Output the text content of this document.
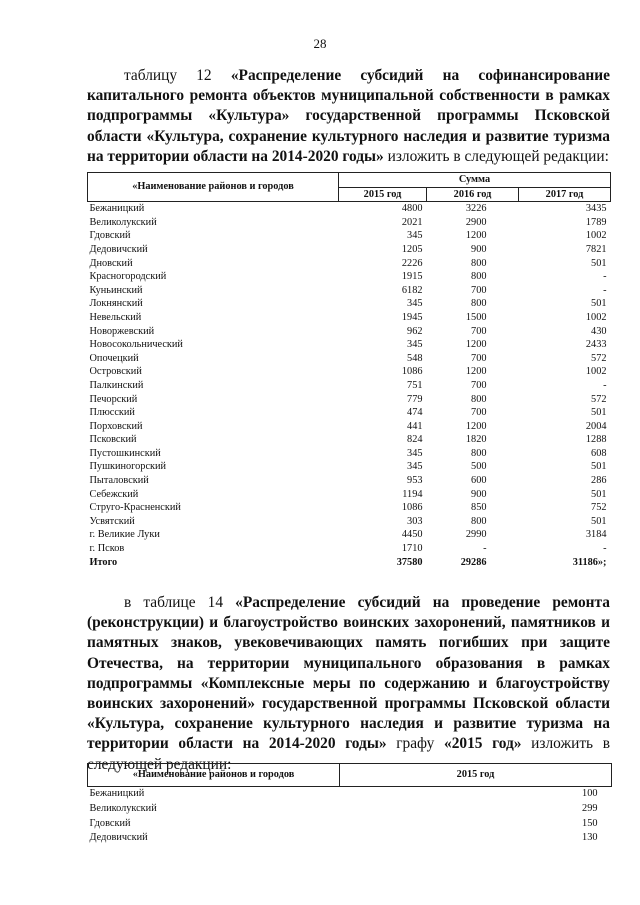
28
таблицу 12 «Распределение субсидий на софинансирование капитального ремонта объектов муниципальной собственности в рамках подпрограммы «Культура» государственной программы Псковской области «Культура, сохранение культурного наследия и развитие туризма на территории области на 2014-2020 годы» изложить в следующей редакции:
«Наименование районов и городов	Сумма		
	2015 год	2016 год	2017 год
Бежаницкий	4800	3226	3435
Великолукский	2021	2900	1789
Гдовский	345	1200	1002
Дедовичский	1205	900	7821
Дновский	2226	800	501
Красногородский	1915	800	-
Куньинский	6182	700	-
Локнянский	345	800	501
Невельский	1945	1500	1002
Новоржевский	962	700	430
Новосокольнический	345	1200	2433
Опочецкий	548	700	572
Островский	1086	1200	1002
Палкинский	751	700	-
Печорский	779	800	572
Плюсский	474	700	501
Порховский	441	1200	2004
Псковский	824	1820	1288
Пустошкинский	345	800	608
Пушкиногорский	345	500	501
Пыталовский	953	600	286
Себежский	1194	900	501
Струго-Красненский	1086	850	752
Усвятский	303	800	501
г. Великие Луки	4450	2990	3184
г. Псков	1710	-	-
Итого	37580	29286	31186»;
в таблице 14 «Распределение субсидий на проведение ремонта (реконструкции) и благоустройство воинских захоронений, памятников и памятных знаков, увековечивающих память погибших при защите Отечества, на территории муниципального образования в рамках подпрограммы «Комплексные меры по содержанию и благоустройству воинских захоронений» государственной программы Псковской области «Культура, сохранение культурного наследия и развитие туризма на территории области на 2014-2020 годы» графу «2015 год» изложить в следующей редакции:
«Наименование районов и городов	2015 год
Бежаницкий	100
Великолукский	299
Гдовский	150
Дедовичский	130
